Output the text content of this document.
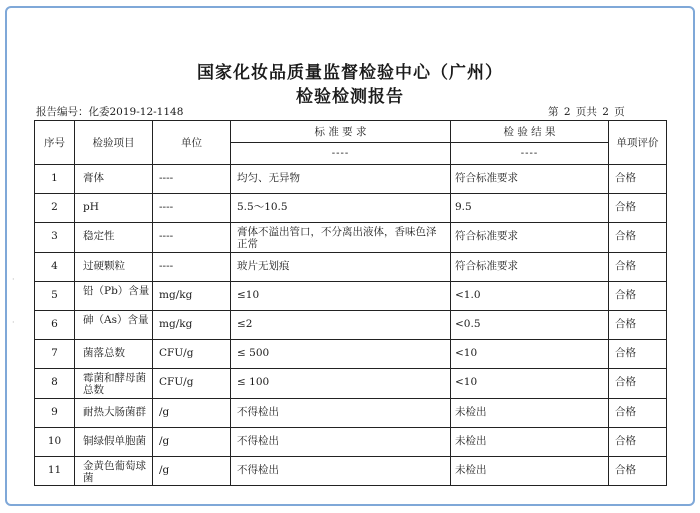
·
·
国家化妆品质量监督检验中心（广州）
检验检测报告
报告编号：化委2019-12-1148	第 2 页共 2 页
序号	检验项目	单位	标 准 要 求	检 验 结 果	单项评价
			----	----	
1	膏体	----	均匀、无异物	符合标准要求	合格
2	pH	----	5.5～10.5	9.5	合格
3	稳定性	----	膏体不溢出管口，不分离出液体，香味色泽正常	符合标准要求	合格
4	过硬颗粒	----	玻片无划痕	符合标准要求	合格
5	铅（Pb）含量	mg/kg	≤10	<1.0	合格
6	砷（As）含量	mg/kg	≤2	<0.5	合格
7	菌落总数	CFU/g	≤ 500	<10	合格
8	霉菌和酵母菌总数	CFU/g	≤ 100	<10	合格
9	耐热大肠菌群	/g	不得检出	未检出	合格
10	铜绿假单胞菌	/g	不得检出	未检出	合格
11	金黄色葡萄球菌	/g	不得检出	未检出	合格
